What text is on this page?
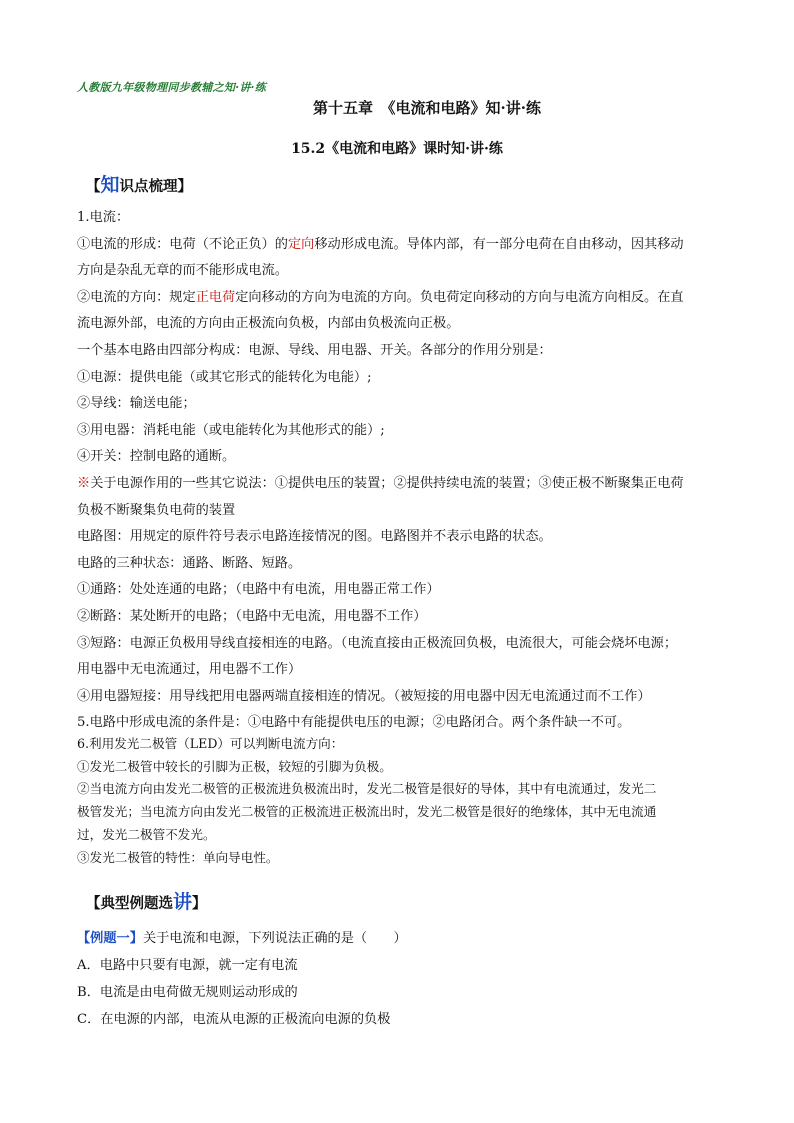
人教版九年级物理同步教辅之知·讲·练
第十五章　《电流和电路》知·讲·练
15.2《电流和电路》课时知·讲·练
【知识点梳理】

1.电流：

①电流的形成：电荷（不论正负）的定向移动形成电流。导体内部，有一部分电荷在自由移动，因其移动

方向是杂乱无章的而不能形成电流。

②电流的方向：规定正电荷定向移动的方向为电流的方向。负电荷定向移动的方向与电流方向相反。在直

流电源外部，电流的方向由正极流向负极，内部由负极流向正极。

一个基本电路由四部分构成：电源、导线、用电器、开关。各部分的作用分别是：

①电源：提供电能（或其它形式的能转化为电能）;

②导线：输送电能；

③用电器：消耗电能（或电能转化为其他形式的能）;

④开关：控制电路的通断。

※关于电源作用的一些其它说法：①提供电压的装置；②提供持续电流的装置；③使正极不断聚集正电荷

负极不断聚集负电荷的装置

电路图：用规定的原件符号表示电路连接情况的图。电路图并不表示电路的状态。

电路的三种状态：通路、断路、短路。

①通路：处处连通的电路；（电路中有电流，用电器正常工作）

②断路：某处断开的电路；（电路中无电流，用电器不工作）

③短路：电源正负极用导线直接相连的电路。（电流直接由正极流回负极，电流很大，可能会烧坏电源；

用电器中无电流通过，用电器不工作）

④用电器短接：用导线把用电器两端直接相连的情况。（被短接的用电器中因无电流通过而不工作）

5.电路中形成电流的条件是：①电路中有能提供电压的电源；②电路闭合。两个条件缺一不可。

6.利用发光二极管（LED）可以判断电流方向：

①发光二极管中较长的引脚为正极，较短的引脚为负极。

②当电流方向由发光二极管的正极流进负极流出时，发光二极管是很好的导体，其中有电流通过，发光二

极管发光；当电流方向由发光二极管的正极流进正极流出时，发光二极管是很好的绝缘体，其中无电流通

过，发光二极管不发光。

③发光二极管的特性：单向导电性。

【典型例题选讲】

【例题一】关于电流和电源，下列说法正确的是（　　）

A．电路中只要有电源，就一定有电流

B．电流是由电荷做无规则运动形成的

C．在电源的内部，电流从电源的正极流向电源的负极
